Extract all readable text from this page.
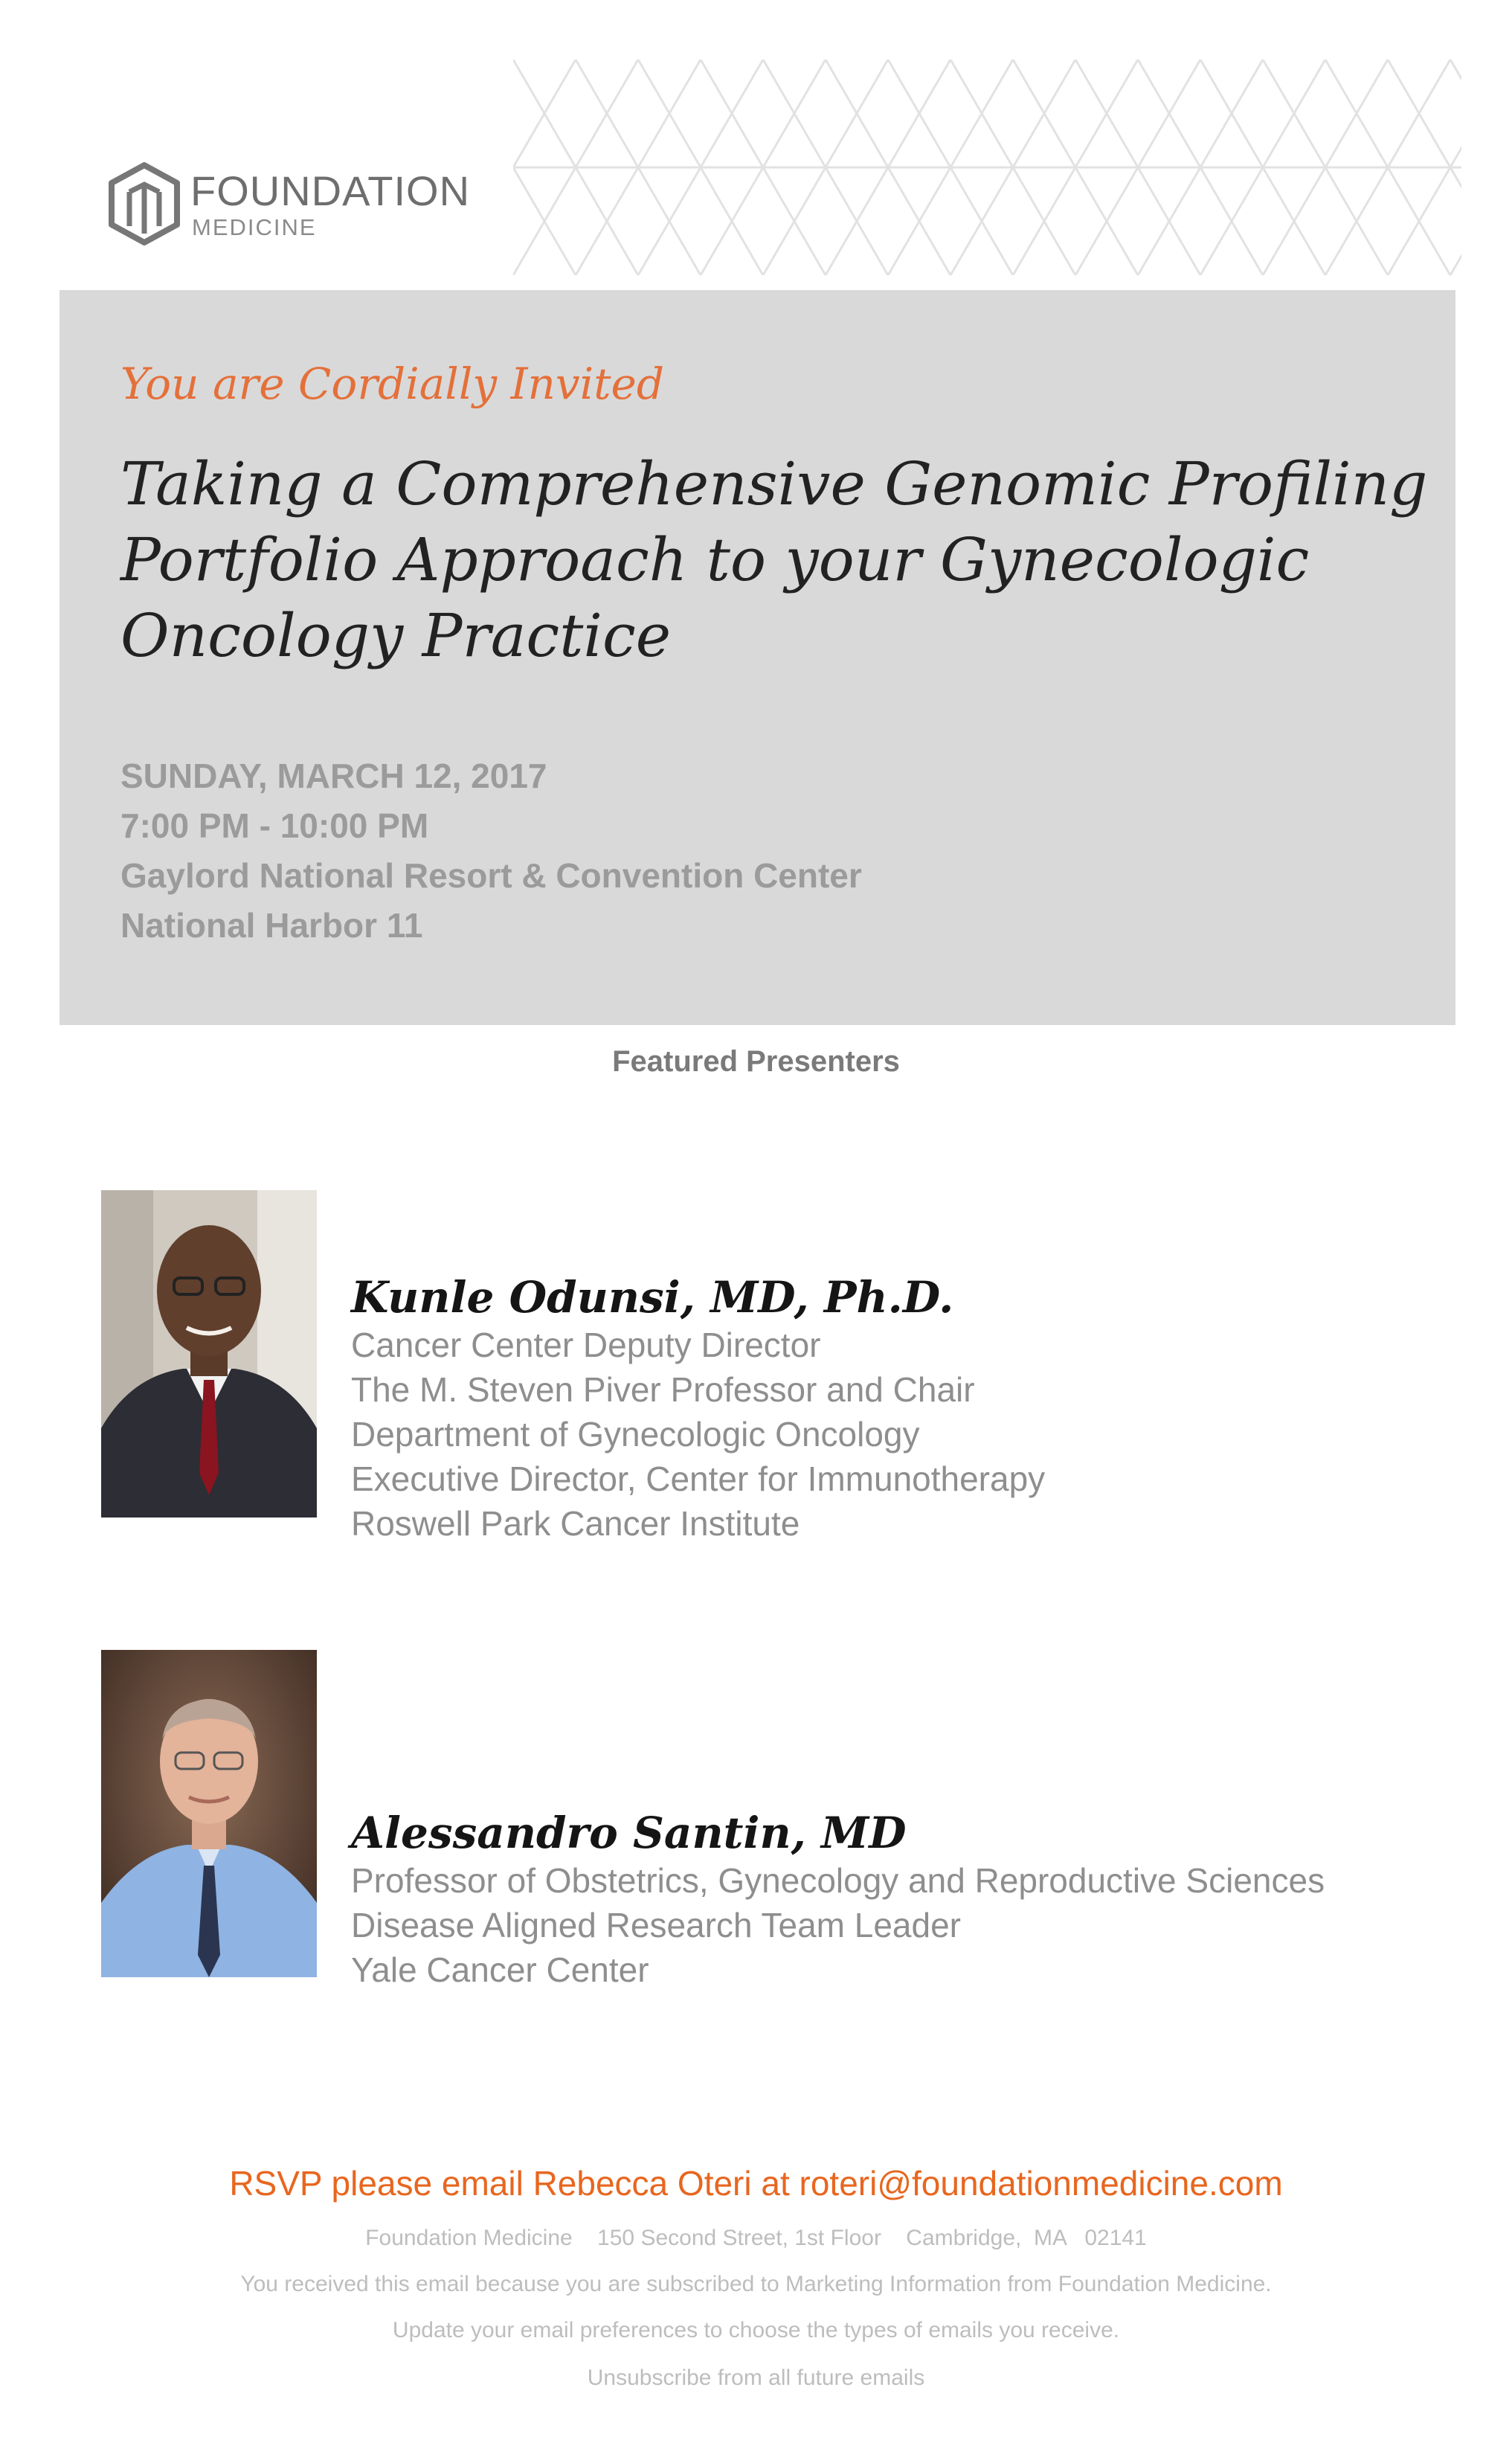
FOUNDATION
MEDICINE
You are Cordially Invited
Taking a Comprehensive Genomic Profiling Portfolio Approach to your Gynecologic Oncology Practice
SUNDAY, MARCH 12, 2017
7:00 PM - 10:00 PM
Gaylord National Resort & Convention Center
National Harbor 11
Featured Presenters
Kunle Odunsi, MD, Ph.D.
Cancer Center Deputy Director
The M. Steven Piver Professor and Chair
Department of Gynecologic Oncology
Executive Director, Center for Immunotherapy
Roswell Park Cancer Institute
Alessandro Santin, MD
Professor of Obstetrics, Gynecology and Reproductive Sciences
Disease Aligned Research Team Leader
Yale Cancer Center
RSVP please email Rebecca Oteri at roteri@foundationmedicine.com
Foundation Medicine    150 Second Street, 1st Floor    Cambridge,  MA   02141
You received this email because you are subscribed to Marketing Information from Foundation Medicine.
Update your email preferences to choose the types of emails you receive.
Unsubscribe from all future emails
